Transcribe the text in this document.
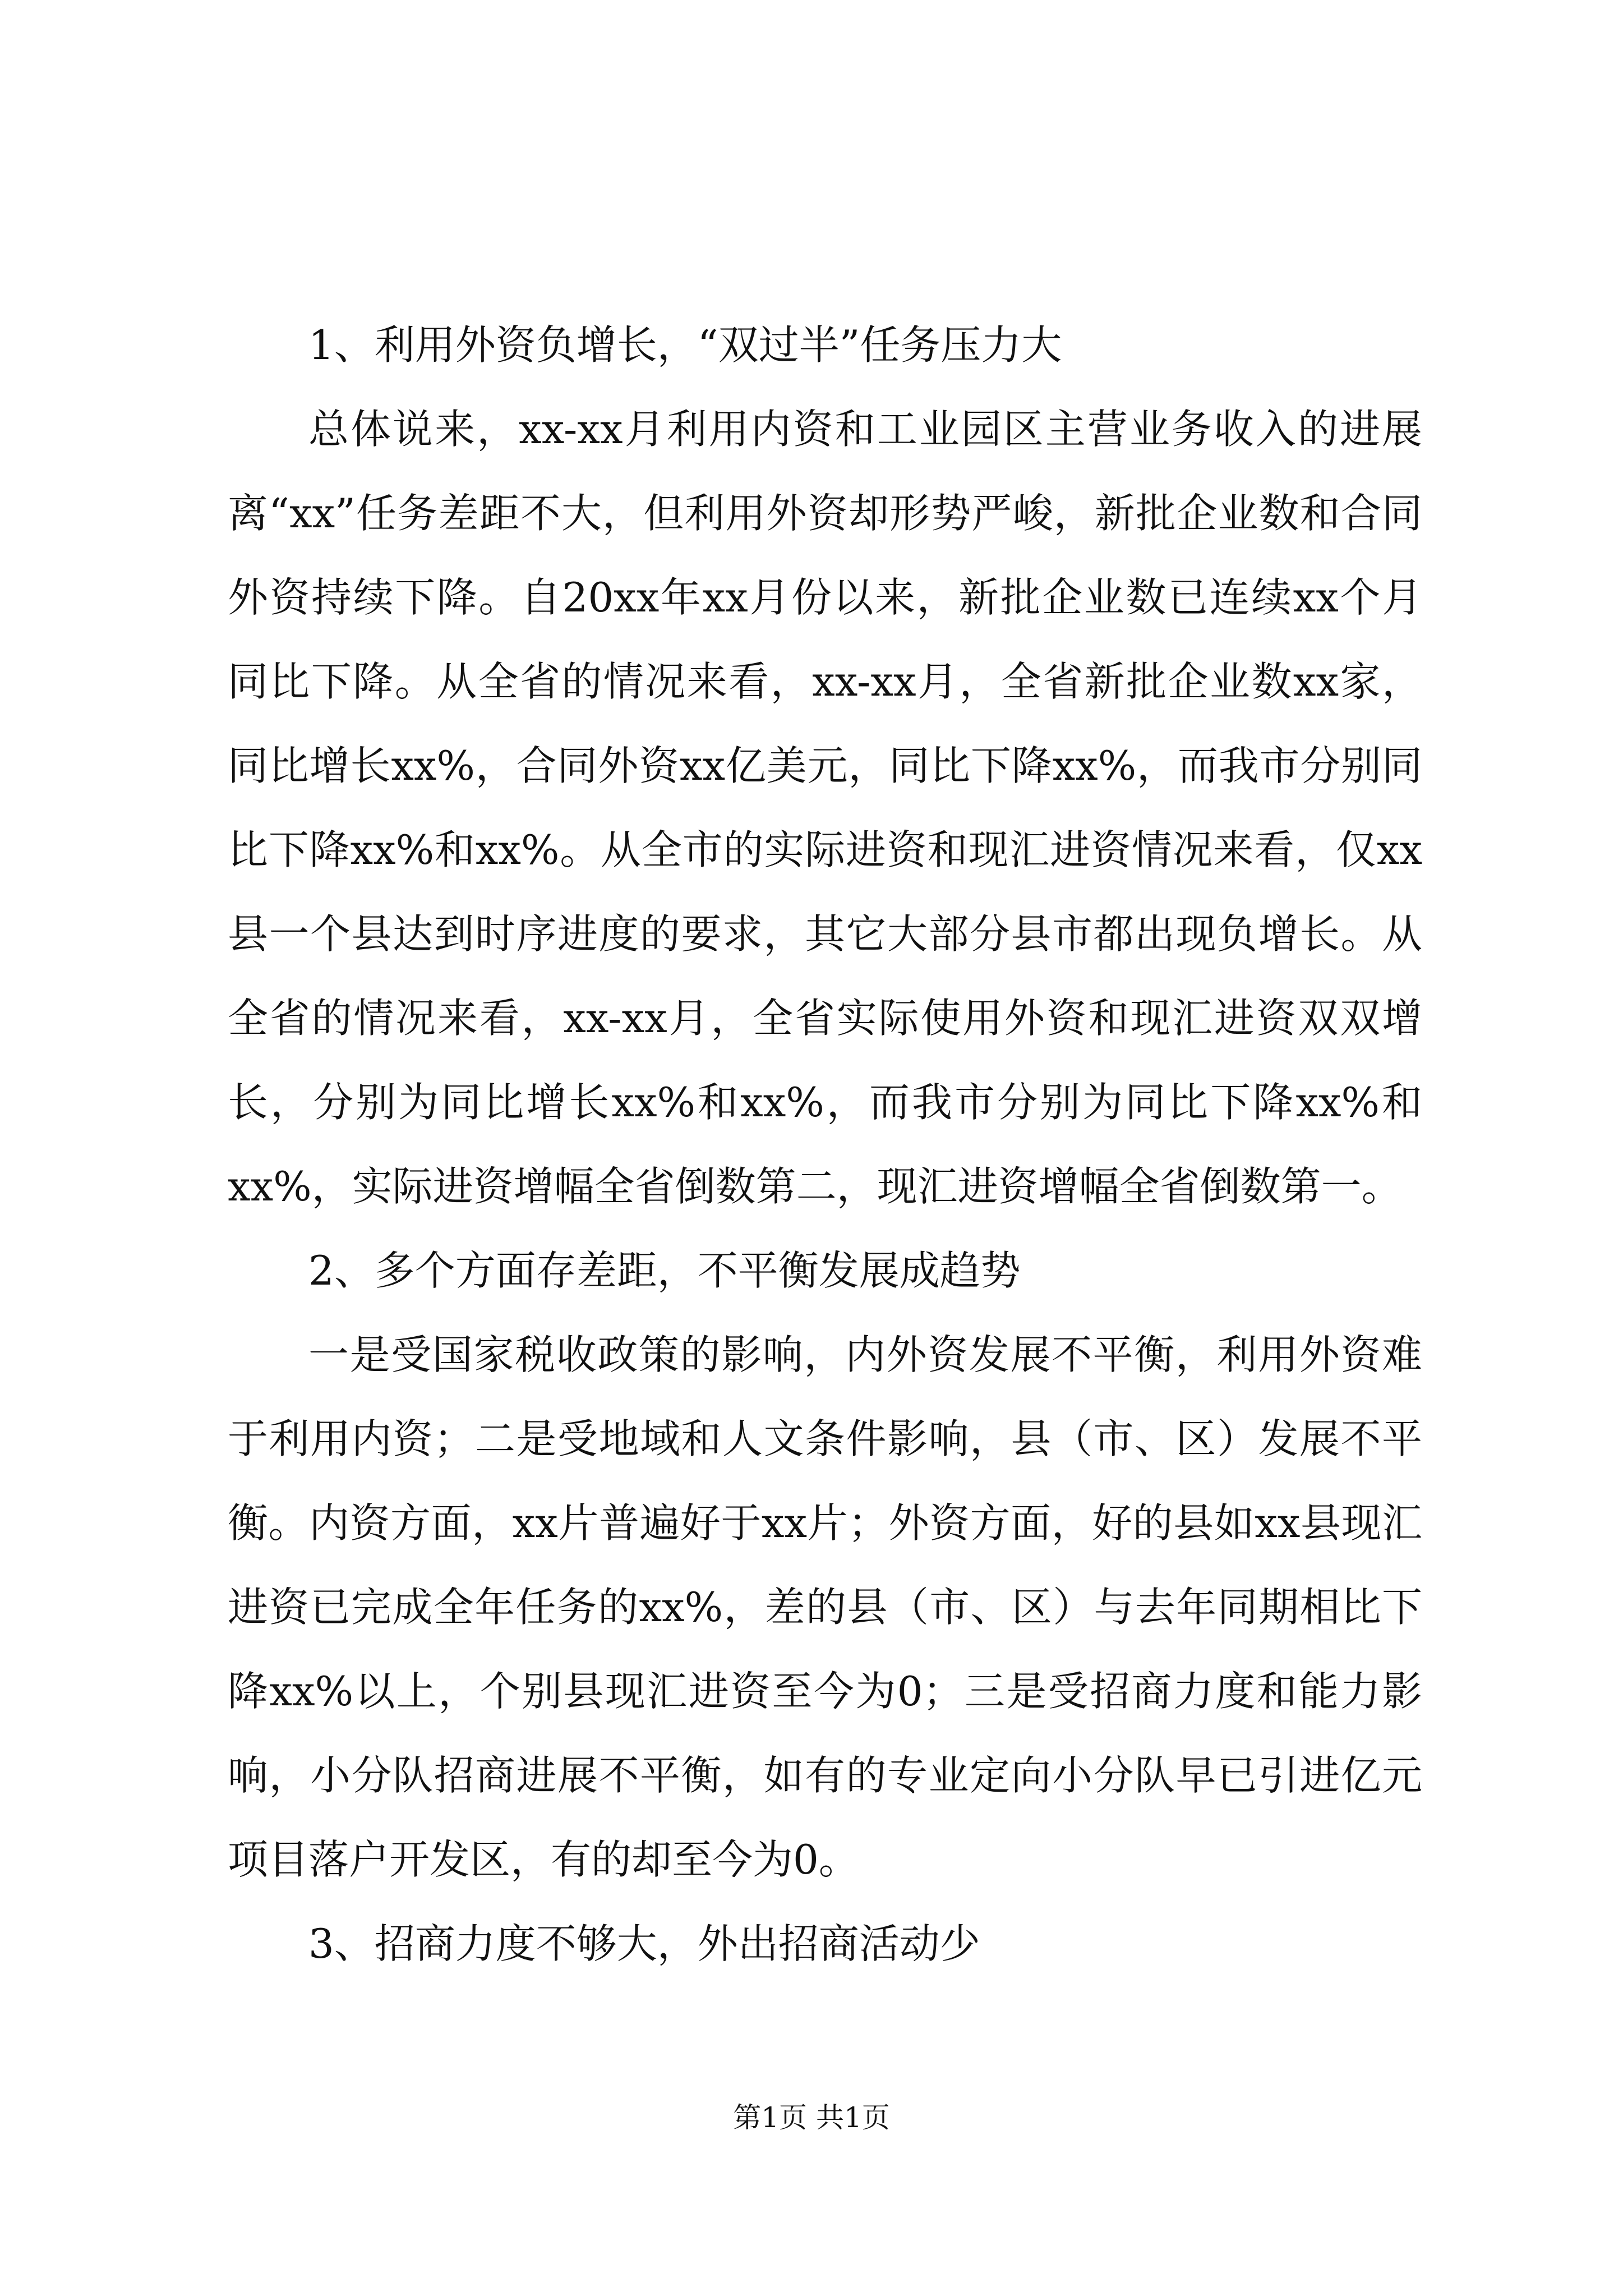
1、利用外资负增长，“双过半”任务压力大

总体说来，xx-xx月利用内资和工业园区主营业务收入的进展离“xx”任务差距不大，但利用外资却形势严峻，新批企业数和合同外资持续下降。自20xx年xx月份以来，新批企业数已连续xx个月同比下降。从全省的情况来看，xx-xx月，全省新批企业数xx家，同比增长xx%，合同外资xx亿美元，同比下降xx%，而我市分别同比下降xx%和xx%。从全市的实际进资和现汇进资情况来看，仅xx县一个县达到时序进度的要求，其它大部分县市都出现负增长。从全省的情况来看，xx-xx月，全省实际使用外资和现汇进资双双增长，分别为同比增长xx%和xx%，而我市分别为同比下降xx%和xx%，实际进资增幅全省倒数第二，现汇进资增幅全省倒数第一。

2、多个方面存差距，不平衡发展成趋势

一是受国家税收政策的影响，内外资发展不平衡，利用外资难于利用内资；二是受地域和人文条件影响，县（市、区）发展不平衡。内资方面，xx片普遍好于xx片；外资方面，好的县如xx县现汇进资已完成全年任务的xx%，差的县（市、区）与去年同期相比下降xx%以上，个别县现汇进资至今为0；三是受招商力度和能力影响，小分队招商进展不平衡，如有的专业定向小分队早已引进亿元项目落户开发区，有的却至今为0。

3、招商力度不够大，外出招商活动少

第1页 共1页
